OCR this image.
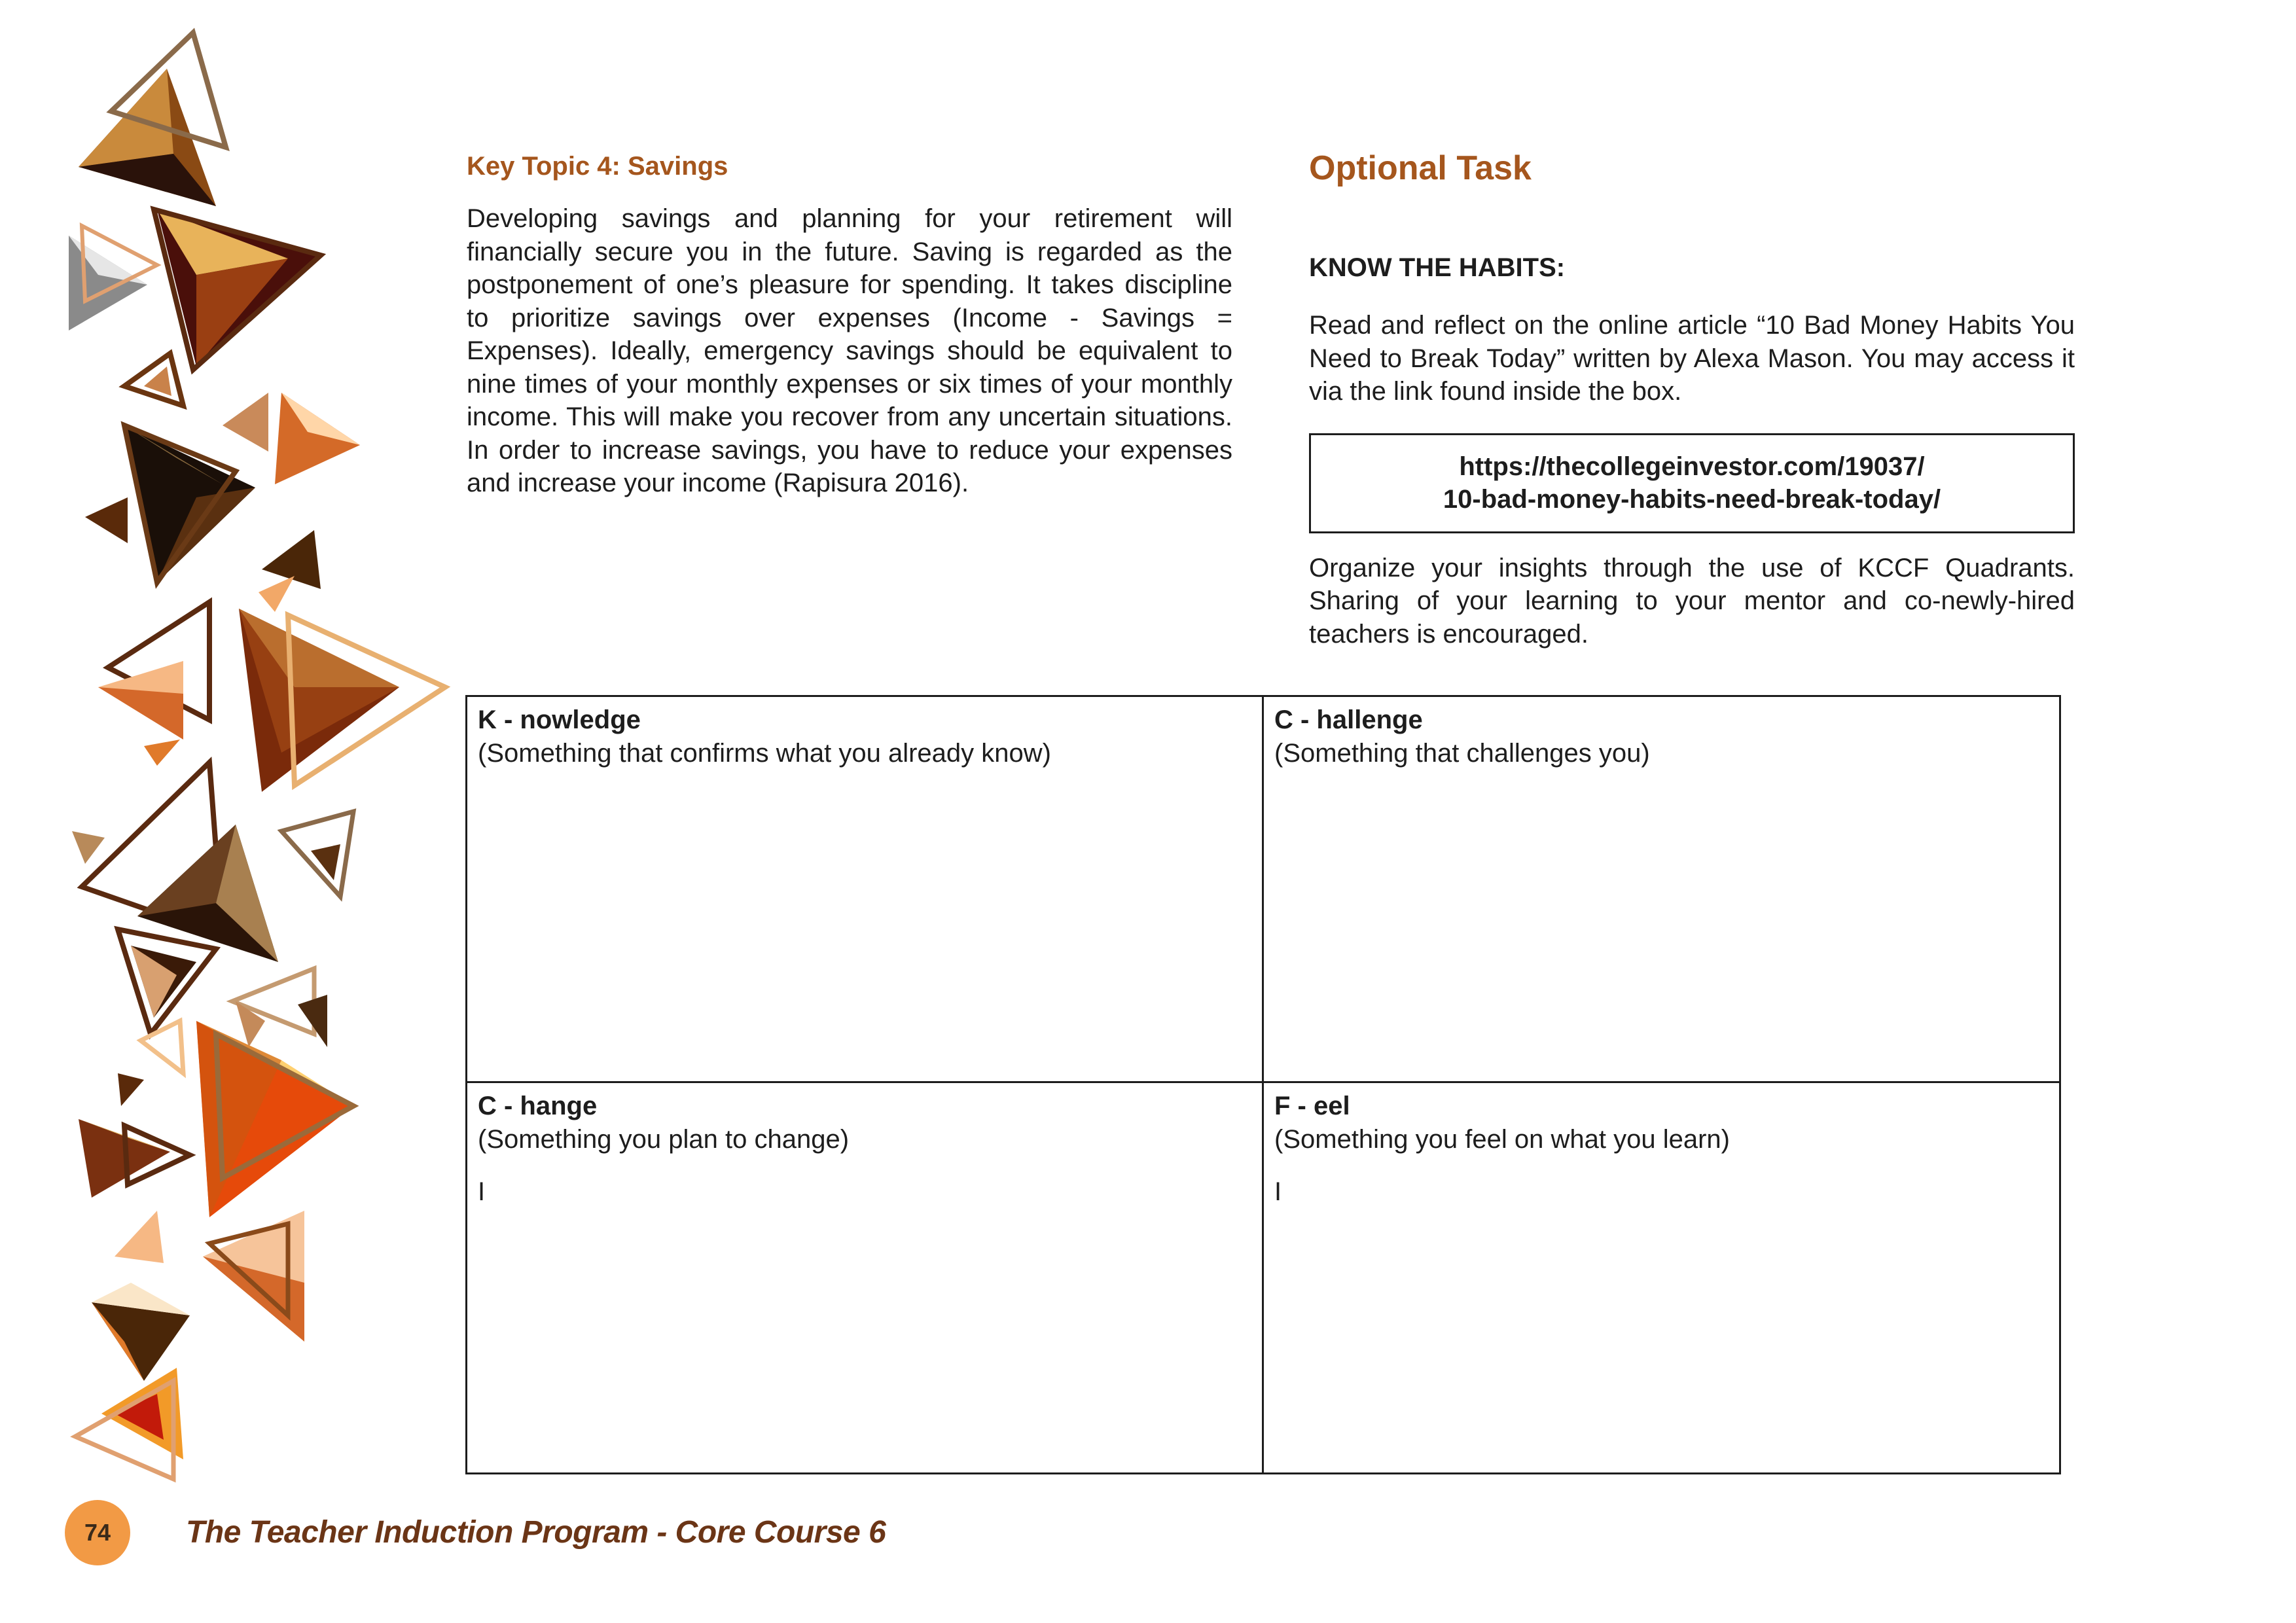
Key Topic 4: Savings

Developing savings and planning for your retirement will financially secure you in the future. Saving is regarded as the postponement of one’s pleasure for spending. It takes discipline to prioritize savings over expenses (Income - Savings = Expenses). Ideally, emergency savings should be equivalent to nine times of your monthly expenses or six times of your monthly income. This will make you recover from any uncertain situations. In order to increase savings, you have to reduce your expenses and increase your income (Rapisura 2016).

Optional Task
KNOW THE HABITS:

Read and reflect on the online article “10 Bad Money Habits You Need to Break Today” written by Alexa Mason. You may access it via the link found inside the box.

https://thecollegeinvestor.com/19037/
10-bad-money-habits-need-break-today/

Organize your insights through the use of KCCF Quadrants. Sharing of your learning to your mentor and co-newly-hired teachers is encouraged.

K - nowledge
(Something that confirms what you already know)
C - hallenge
(Something that challenges you)
C - hange
(Something you plan to change)
I
F - eel
(Something you feel on what you learn)
I
74	The Teacher Induction Program - Core Course 6
